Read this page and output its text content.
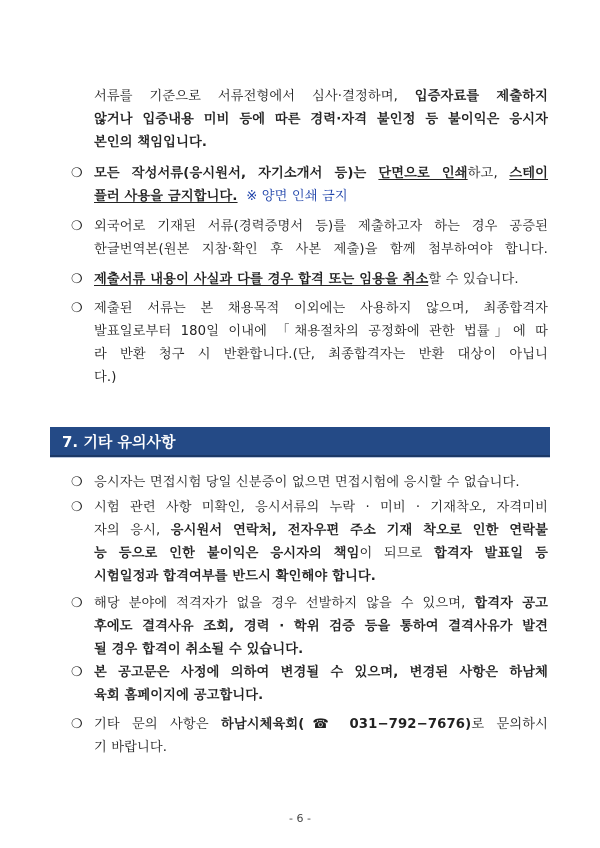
서류를 기준으로 서류전형에서 심사·결정하며, 입증자료를 제출하지
않거나 입증내용 미비 등에 따른 경력·자격 불인정 등 불이익은 응시자
본인의 책임입니다.
❍ 모든 작성서류(응시원서, 자기소개서 등)는 단면으로 인쇄하고, 스테이
플러 사용을 금지합니다. ※ 양면 인쇄 금지
❍ 외국어로 기재된 서류(경력증명서 등)를 제출하고자 하는 경우 공증된
한글번역본(원본 지참·확인 후 사본 제출)을 함께 첨부하여야 합니다.
❍ 제출서류 내용이 사실과 다를 경우 합격 또는 임용을 취소할 수 있습니다.
❍ 제출된 서류는 본 채용목적 이외에는 사용하지 않으며, 최종합격자
발표일로부터 180일 이내에 「채용절차의 공정화에 관한 법률」에 따
라 반환 청구 시 반환합니다.(단, 최종합격자는 반환 대상이 아닙니
다.)
7. 기타 유의사항
❍ 응시자는 면접시험 당일 신분증이 없으면 면접시험에 응시할 수 없습니다.
❍ 시험 관련 사항 미확인, 응시서류의 누락 · 미비 · 기재착오, 자격미비
자의 응시, 응시원서 연락처, 전자우편 주소 기재 착오로 인한 연락불
능 등으로 인한 불이익은 응시자의 책임이 되므로 합격자 발표일 등
시험일정과 합격여부를 반드시 확인해야 합니다.
❍ 해당 분야에 적격자가 없을 경우 선발하지 않을 수 있으며, 합격자 공고
후에도 결격사유 조회, 경력 · 학위 검증 등을 통하여 결격사유가 발견
될 경우 합격이 취소될 수 있습니다.
❍ 본 공고문은 사정에 의하여 변경될 수 있으며, 변경된 사항은 하남체
육회 홈페이지에 공고합니다.
❍ 기타 문의 사항은 하남시체육회(☎ 031−792−7676)로 문의하시
기 바랍니다.
- 6 -
